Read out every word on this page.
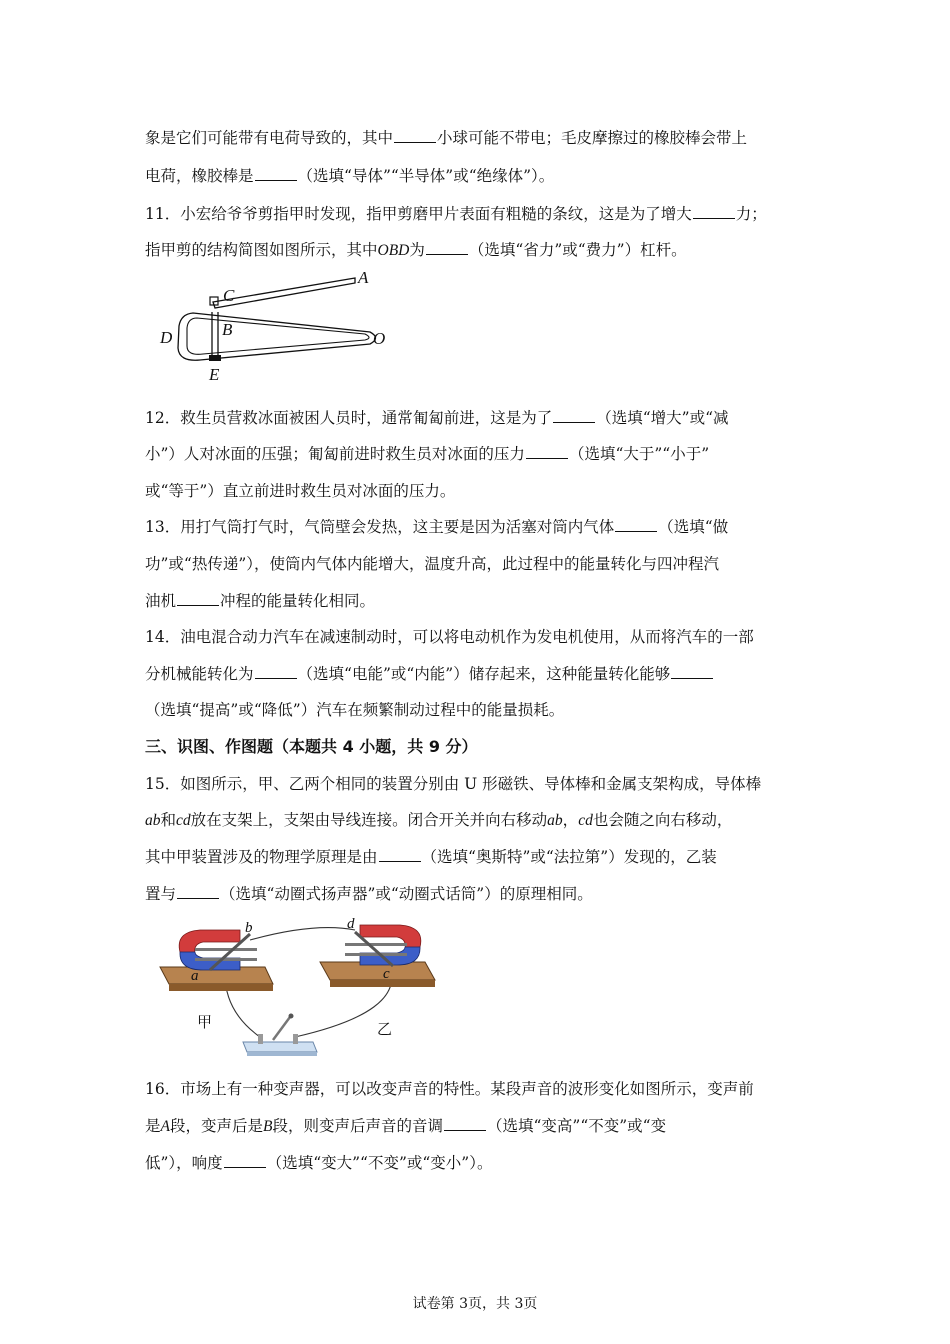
象是它们可能带有电荷导致的，其中	小球可能不带电；毛皮摩擦过的橡胶棒会带上
电荷，橡胶棒是	（选填“导体”“半导体”或“绝缘体”）。
11．小宏给爷爷剪指甲时发现，指甲剪磨甲片表面有粗糙的条纹，这是为了增大	力；
指甲剪的结构简图如图所示，其中OBD为	（选填“省力”或“费力”）杠杆。
A
C
B
D	O
E
12．救生员营救冰面被困人员时，通常匍匐前进，这是为了	（选填“增大”或“减
小”）人对冰面的压强；匍匐前进时救生员对冰面的压力	（选填“大于”“小于”
或“等于”）直立前进时救生员对冰面的压力。
13．用打气筒打气时，气筒壁会发热，这主要是因为活塞对筒内气体	（选填“做
功”或“热传递”），使筒内气体内能增大，温度升高，此过程中的能量转化与四冲程汽
油机	冲程的能量转化相同。
14．油电混合动力汽车在减速制动时，可以将电动机作为发电机使用，从而将汽车的一部
分机械能转化为	（选填“电能”或“内能”）储存起来，这种能量转化能够
（选填“提高”或“降低”）汽车在频繁制动过程中的能量损耗。
三、识图、作图题（本题共 4 小题，共 9 分）
15．如图所示，甲、乙两个相同的装置分别由 U 形磁铁、导体棒和金属支架构成，导体棒
ab和cd放在支架上，支架由导线连接。闭合开关并向右移动ab，cd也会随之向右移动，
其中甲装置涉及的物理学原理是由	（选填“奥斯特”或“法拉第”）发现的，乙装
置与	（选填“动圈式扬声器”或“动圈式话筒”）的原理相同。
b
a
d
c
甲	乙
16．市场上有一种变声器，可以改变声音的特性。某段声音的波形变化如图所示，变声前
是A段，变声后是B段，则变声后声音的音调	（选填“变高”“不变”或“变
低”），响度	（选填“变大”“不变”或“变小”）。
试卷第 3页，共 3页
